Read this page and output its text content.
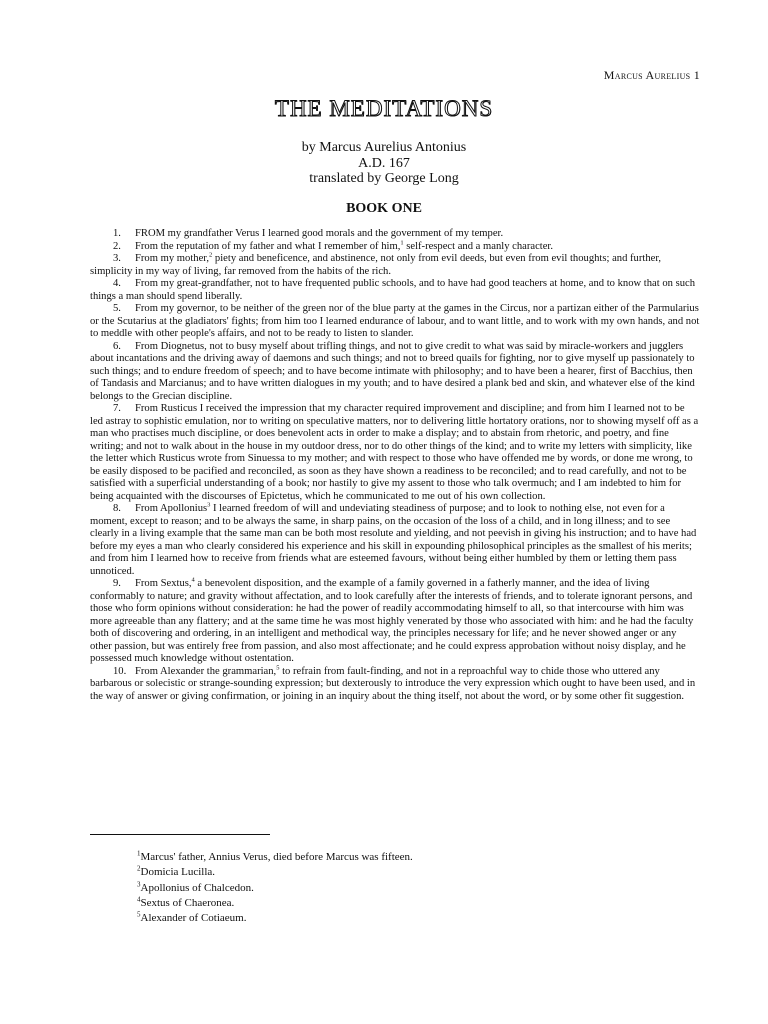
Marcus Aurelius 1
THE MEDITATIONS
by Marcus Aurelius Antonius
A.D. 167
translated by George Long
BOOK ONE

1. FROM my grandfather Verus I learned good morals and the government of my temper.

2. From the reputation of my father and what I remember of him,$^1$ self-respect and a manly character.

3. From my mother,$^2$ piety and beneficence, and abstinence, not only from evil deeds, but even from evil thoughts; and further, simplicity in my way of living, far removed from the habits of the rich.

4. From my great-grandfather, not to have frequented public schools, and to have had good teachers at home, and to know that on such things a man should spend liberally.

5. From my governor, to be neither of the green nor of the blue party at the games in the Circus, nor a partizan either of the Parmularius or the Scutarius at the gladiators' fights; from him too I learned endurance of labour, and to want little, and to work with my own hands, and not to meddle with other people's affairs, and not to be ready to listen to slander.

6. From Diognetus, not to busy myself about trifling things, and not to give credit to what was said by miracle-workers and jugglers about incantations and the driving away of daemons and such things; and not to breed quails for fighting, nor to give myself up passionately to such things; and to endure freedom of speech; and to have become intimate with philosophy; and to have been a hearer, first of Bacchius, then of Tandasis and Marcianus; and to have written dialogues in my youth; and to have desired a plank bed and skin, and whatever else of the kind belongs to the Grecian discipline.

7. From Rusticus I received the impression that my character required improvement and discipline; and from him I learned not to be led astray to sophistic emulation, nor to writing on speculative matters, nor to delivering little hortatory orations, nor to showing myself off as a man who practises much discipline, or does benevolent acts in order to make a display; and to abstain from rhetoric, and poetry, and fine writing; and not to walk about in the house in my outdoor dress, nor to do other things of the kind; and to write my letters with simplicity, like the letter which Rusticus wrote from Sinuessa to my mother; and with respect to those who have offended me by words, or done me wrong, to be easily disposed to be pacified and reconciled, as soon as they have shown a readiness to be reconciled; and to read carefully, and not to be satisfied with a superficial understanding of a book; nor hastily to give my assent to those who talk overmuch; and I am indebted to him for being acquainted with the discourses of Epictetus, which he communicated to me out of his own collection.

8. From Apollonius$^3$ I learned freedom of will and undeviating steadiness of purpose; and to look to nothing else, not even for a moment, except to reason; and to be always the same, in sharp pains, on the occasion of the loss of a child, and in long illness; and to see clearly in a living example that the same man can be both most resolute and yielding, and not peevish in giving his instruction; and to have had before my eyes a man who clearly considered his experience and his skill in expounding philosophical principles as the smallest of his merits; and from him I learned how to receive from friends what are esteemed favours, without being either humbled by them or letting them pass unnoticed.

9. From Sextus,$^4$ a benevolent disposition, and the example of a family governed in a fatherly manner, and the idea of living conformably to nature; and gravity without affectation, and to look carefully after the interests of friends, and to tolerate ignorant persons, and those who form opinions without consideration: he had the power of readily accommodating himself to all, so that intercourse with him was more agreeable than any flattery; and at the same time he was most highly venerated by those who associated with him: and he had the faculty both of discovering and ordering, in an intelligent and methodical way, the principles necessary for life; and he never showed anger or any other passion, but was entirely free from passion, and also most affectionate; and he could express approbation without noisy display, and he possessed much knowledge without ostentation.

10. From Alexander the grammarian,$^5$ to refrain from fault-finding, and not in a reproachful way to chide those who uttered any barbarous or solecistic or strange-sounding expression; but dexterously to introduce the very expression which ought to have been used, and in the way of answer or giving confirmation, or joining in an inquiry about the thing itself, not about the word, or by some other fit suggestion.

$^1$Marcus' father, Annius Verus, died before Marcus was fifteen.
$^2$Domicia Lucilla.
$^3$Apollonius of Chalcedon.
$^4$Sextus of Chaeronea.
$^5$Alexander of Cotiaeum.
